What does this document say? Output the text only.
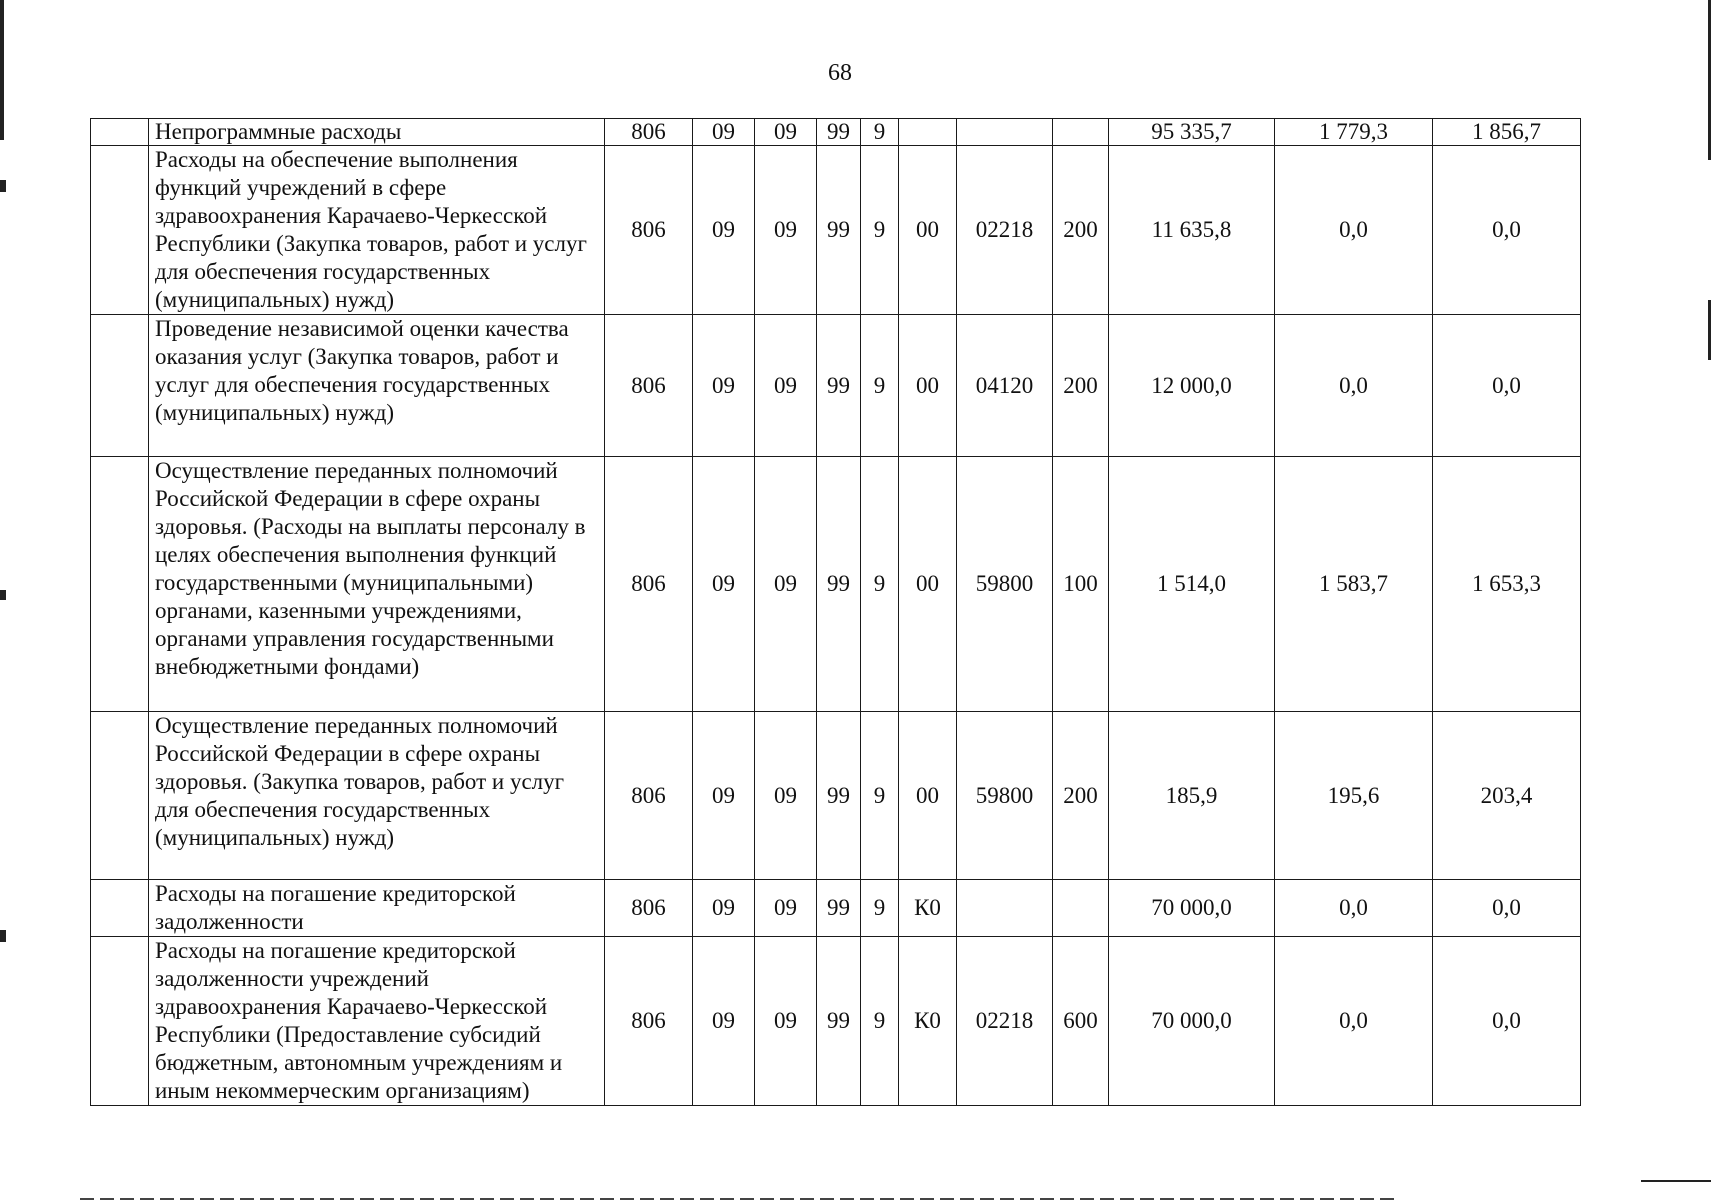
68
	Непрограммные расходы	806	09	09	99	9				95 335,7	1 779,3	1 856,7
	Расходы на обеспечение выполнения функций учреждений в сфере здравоохранения Карачаево-Черкесской Республики (Закупка товаров, работ и услуг для обеспечения государственных (муниципальных) нужд)	806	09	09	99	9	00	02218	200	11 635,8	0,0	0,0
	Проведение независимой оценки качества оказания услуг (Закупка товаров, работ и услуг для обеспечения государственных (муниципальных) нужд)	806	09	09	99	9	00	04120	200	12 000,0	0,0	0,0
	Осуществление переданных полномочий Российской Федерации в сфере охраны здоровья. (Расходы на выплаты персоналу в целях обеспечения выполнения функций государственными (муниципальными) органами, казенными учреждениями, органами управления государственными внебюджетными фондами)	806	09	09	99	9	00	59800	100	1 514,0	1 583,7	1 653,3
	Осуществление переданных полномочий Российской Федерации в сфере охраны здоровья. (Закупка товаров, работ и услуг для обеспечения государственных (муниципальных) нужд)	806	09	09	99	9	00	59800	200	185,9	195,6	203,4
	Расходы на погашение кредиторской задолженности	806	09	09	99	9	К0			70 000,0	0,0	0,0
	Расходы на погашение кредиторской задолженности учреждений здравоохранения Карачаево-Черкесской Республики (Предоставление субсидий бюджетным, автономным учреждениям и иным некоммерческим организациям)	806	09	09	99	9	К0	02218	600	70 000,0	0,0	0,0
